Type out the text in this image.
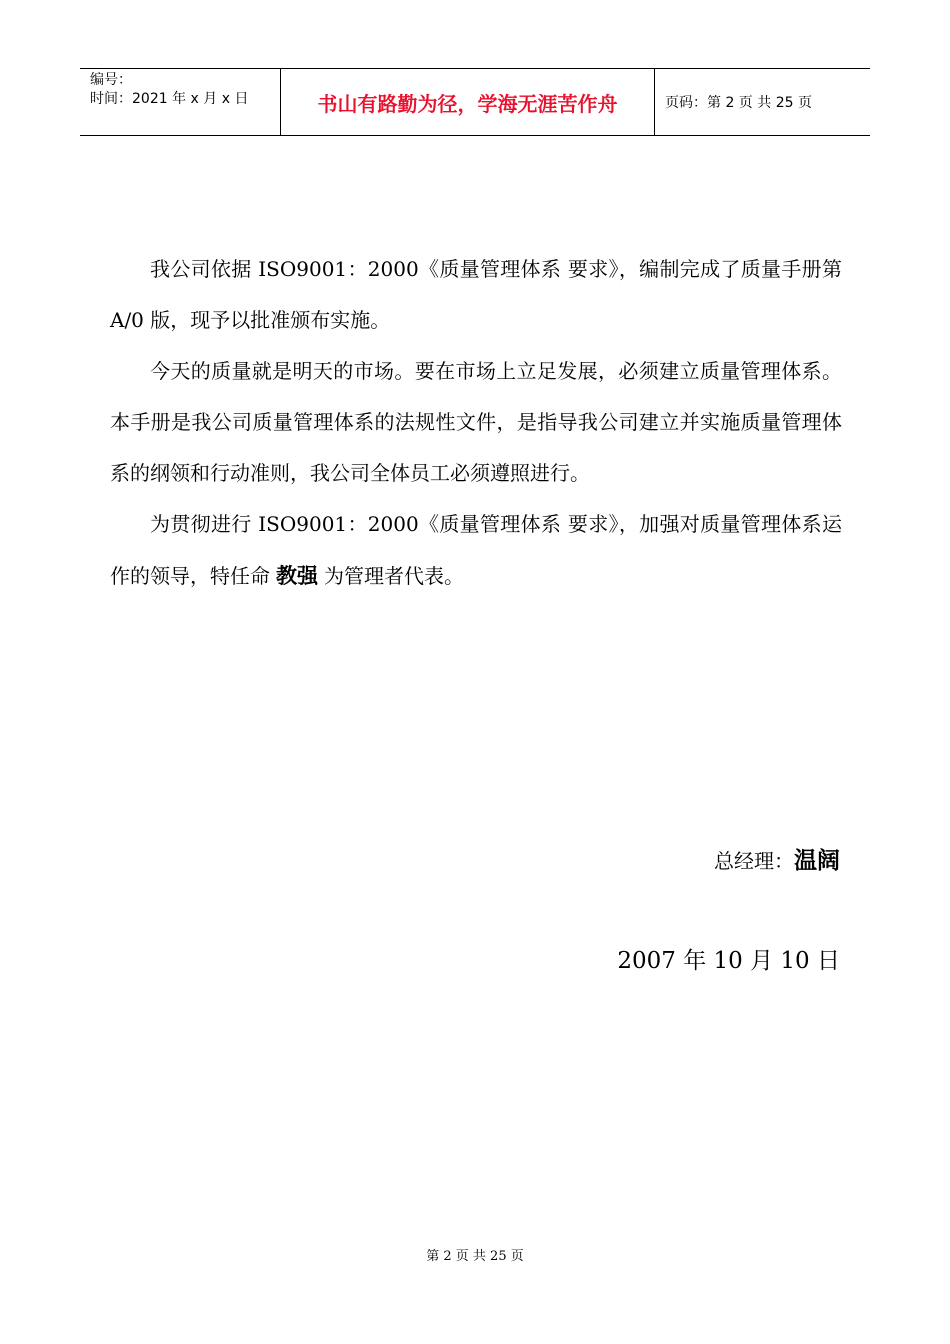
编号：
时间：2021 年 x 月 x 日	书山有路勤为径，学海无涯苦作舟	页码：第 2 页 共 25 页

我公司依据 ISO9001：2000《质量管理体系 要求》，编制完成了质量手册第 A/0 版，现予以批准颁布实施。

今天的质量就是明天的市场。要在市场上立足发展，必须建立质量管理体系。本手册是我公司质量管理体系的法规性文件，是指导我公司建立并实施质量管理体系的纲领和行动准则，我公司全体员工必须遵照进行。

为贯彻进行 ISO9001：2000《质量管理体系 要求》，加强对质量管理体系运作的领导，特任命 教强 为管理者代表。

总经理：温阔
2007 年 10 月 10 日
第 2 页 共 25 页
